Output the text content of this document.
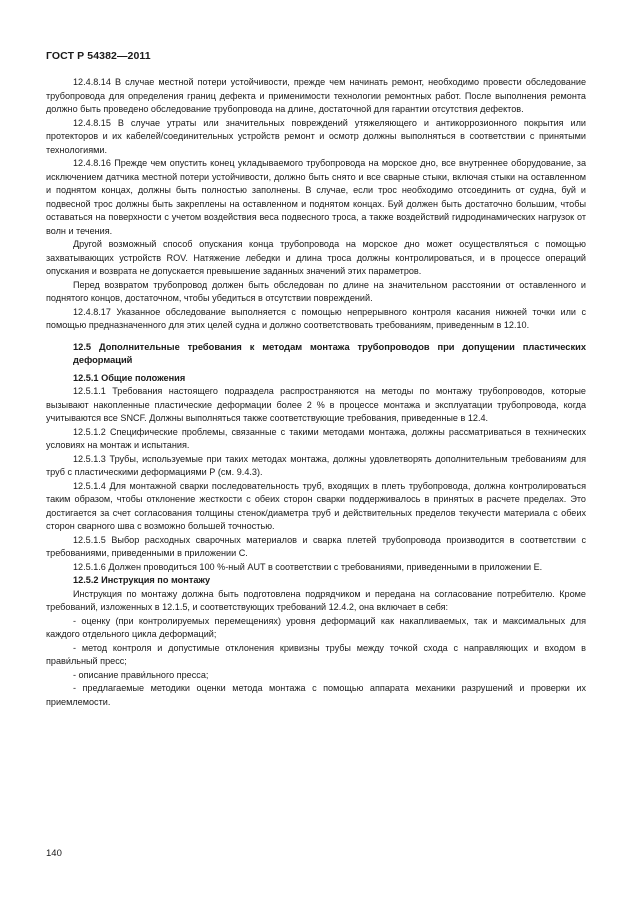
ГОСТ Р 54382—2011

12.4.8.14 В случае местной потери устойчивости, прежде чем начинать ремонт, необходимо провести обследование трубопровода для определения границ дефекта и применимости технологии ремонтных работ. После выполнения ремонта должно быть проведено обследование трубопровода на длине, достаточной для гарантии отсутствия дефектов.

12.4.8.15 В случае утраты или значительных повреждений утяжеляющего и антикоррозионного покрытия или протекторов и их кабелей/соединительных устройств ремонт и осмотр должны выполняться в соответствии с принятыми технологиями.

12.4.8.16 Прежде чем опустить конец укладываемого трубопровода на морское дно, все внутреннее оборудование, за исключением датчика местной потери устойчивости, должно быть снято и все сварные стыки, включая стыки на оставленном и поднятом концах, должны быть полностью заполнены. В случае, если трос необходимо отсоединить от судна, буй и подвесной трос должны быть закреплены на оставленном и поднятом концах. Буй должен быть достаточно большим, чтобы оставаться на поверхности с учетом воздействия веса подвесного троса, а также воздействий гидродинамических нагрузок от волн и течения.

Другой возможный способ опускания конца трубопровода на морское дно может осуществляться с помощью захватывающих устройств ROV. Натяжение лебедки и длина троса должны контролироваться, и в процессе операций опускания и возврата не допускается превышение заданных значений этих параметров.

Перед возвратом трубопровод должен быть обследован по длине на значительном расстоянии от оставленного и поднятого концов, достаточном, чтобы убедиться в отсутствии повреждений.

12.4.8.17 Указанное обследование выполняется с помощью непрерывного контроля касания нижней точки или с помощью предназначенного для этих целей судна и должно соответствовать требованиям, приведенным в 12.10.

12.5 Дополнительные требования к методам монтажа трубопроводов при допущении пластических деформаций
12.5.1 Общие положения

12.5.1.1 Требования настоящего подраздела распространяются на методы по монтажу трубопроводов, которые вызывают накопленные пластические деформации более 2 % в процессе монтажа и эксплуатации трубопровода, когда учитываются все SNCF. Должны выполняться также соответствующие требования, приведенные в 12.4.

12.5.1.2 Специфические проблемы, связанные с такими методами монтажа, должны рассматриваться в технических условиях на монтаж и испытания.

12.5.1.3 Трубы, используемые при таких методах монтажа, должны удовлетворять дополнительным требованиям для труб с пластическими деформациями Р (см. 9.4.3).

12.5.1.4 Для монтажной сварки последовательность труб, входящих в плеть трубопровода, должна контролироваться таким образом, чтобы отклонение жесткости с обеих сторон сварки поддерживалось в принятых в расчете пределах. Это достигается за счет согласования толщины стенок/диаметра труб и действительных пределов текучести материала с обеих сторон сварного шва с возможно большей точностью.

12.5.1.5 Выбор расходных сварочных материалов и сварка плетей трубопровода производится в соответствии с требованиями, приведенными в приложении С.

12.5.1.6 Должен проводиться 100 %-ный AUT в соответствии с требованиями, приведенными в приложении Е.

12.5.2 Инструкция по монтажу

Инструкция по монтажу должна быть подготовлена подрядчиком и передана на согласование потребителю. Кроме требований, изложенных в 12.1.5, и соответствующих требований 12.4.2, она включает в себя:

- оценку (при контролируемых перемещениях) уровня деформаций как накапливаемых, так и максимальных для каждого отдельного цикла деформаций;

- метод контроля и допустимые отклонения кривизны трубы между точкой схода с направляющих и входом в прави́льный пресс;

- описание прави́льного пресса;

- предлагаемые методики оценки метода монтажа с помощью аппарата механики разрушений и проверки их приемлемости.

140
